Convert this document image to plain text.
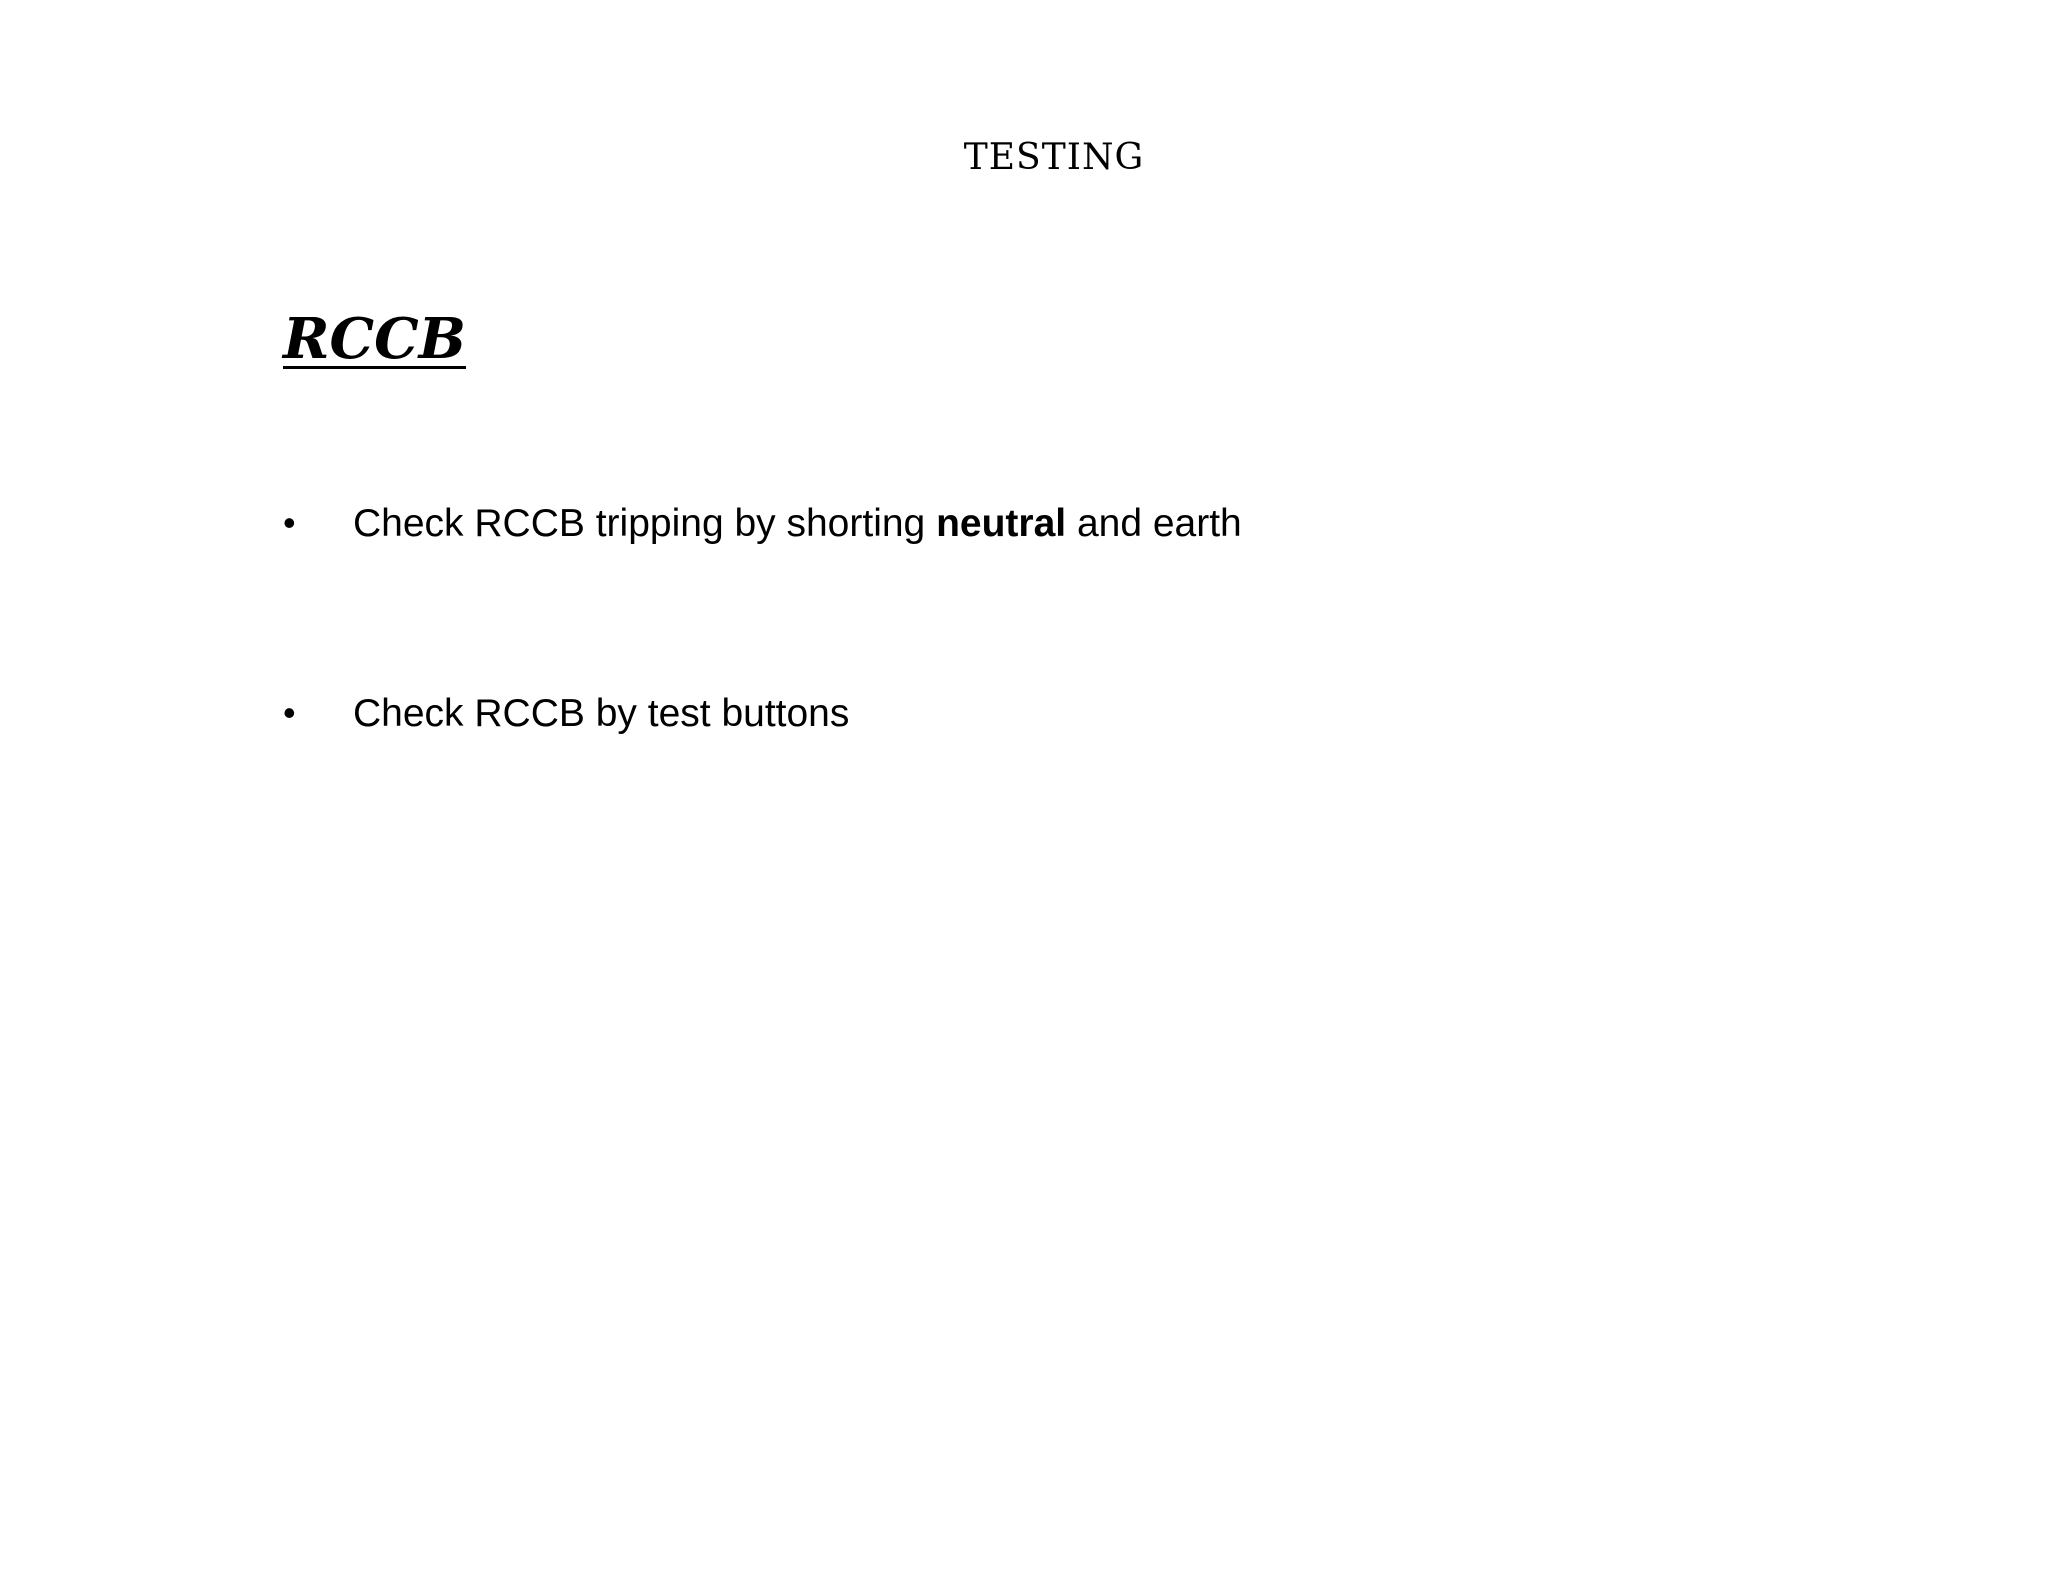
TESTING
RCCB
• Check RCCB tripping by shorting neutral and earth
• Check RCCB by test buttons
